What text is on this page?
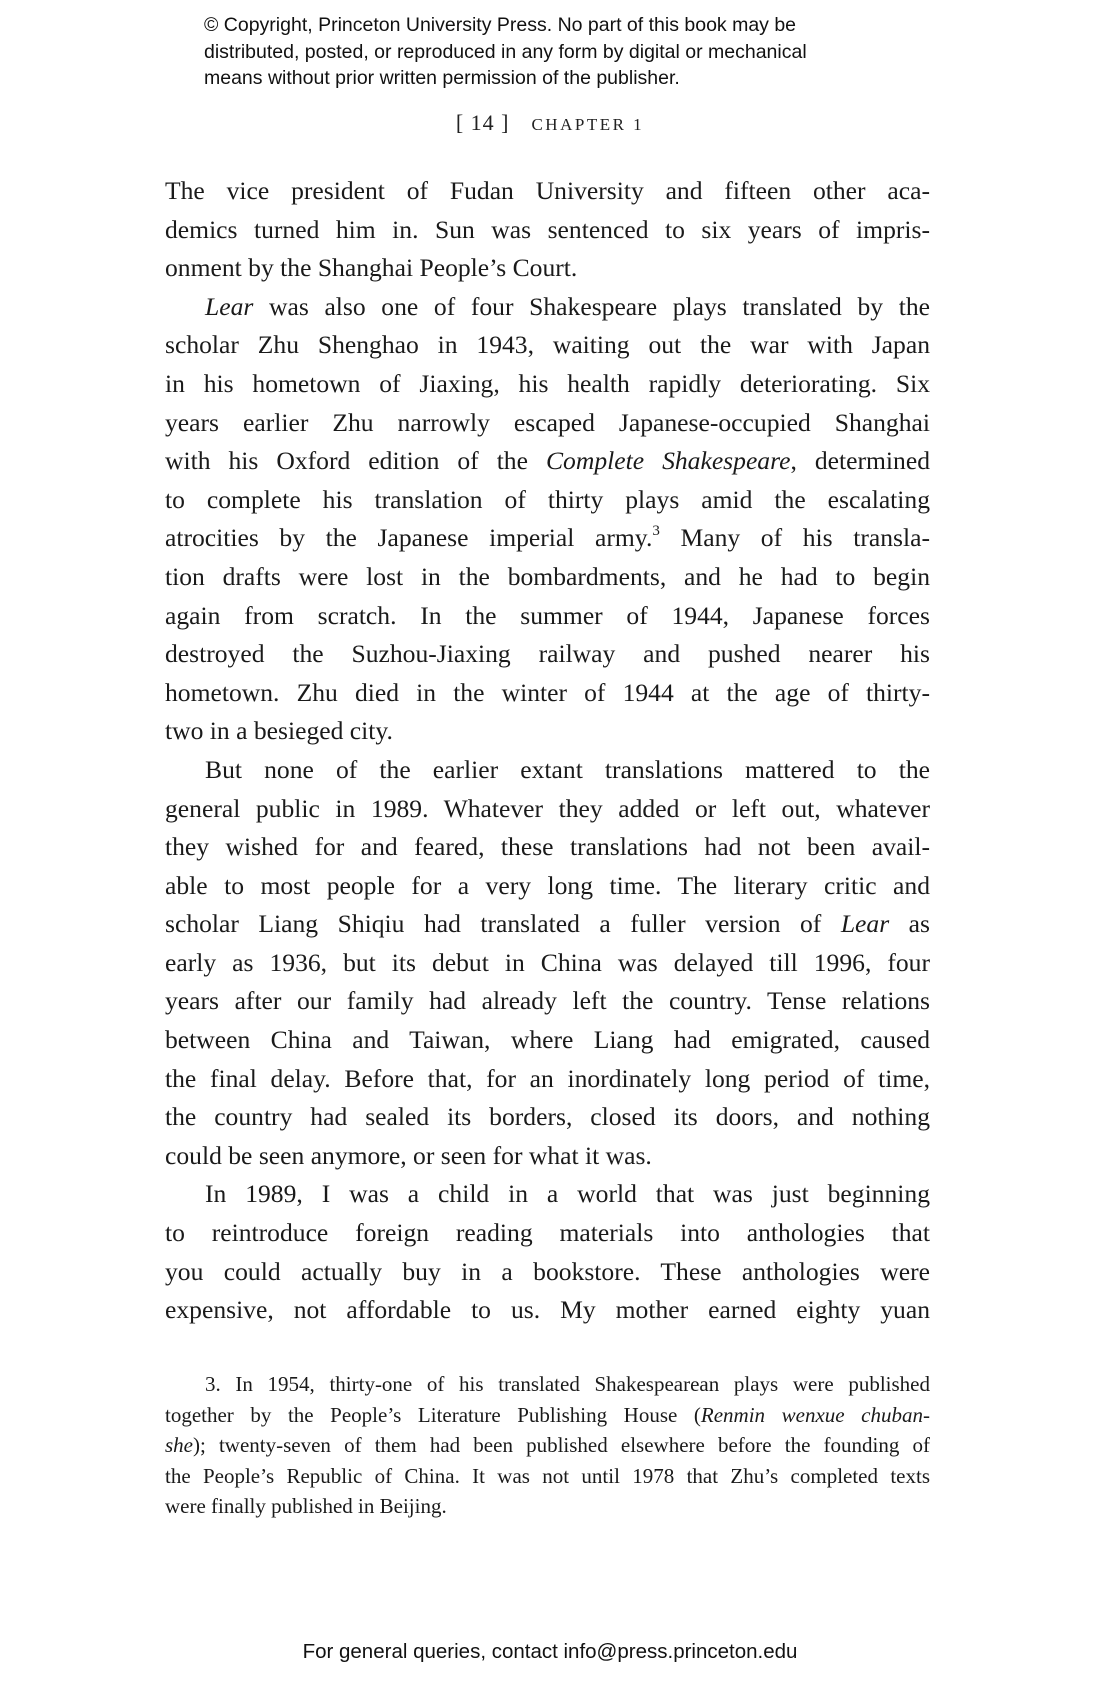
© Copyright, Princeton University Press. No part of this book may be
distributed, posted, or reproduced in any form by digital or mechanical
means without prior written permission of the publisher.
[ 14 ] CHAPTER 1
The vice president of Fudan University and fifteen other aca-
demics turned him in. Sun was sentenced to six years of impris-
onment by the Shanghai People’s Court.
Lear was also one of four Shakespeare plays translated by the
scholar Zhu Shenghao in 1943, waiting out the war with Japan
in his hometown of Jiaxing, his health rapidly deteriorating. Six
years earlier Zhu narrowly escaped Japanese-occupied Shanghai
with his Oxford edition of the Complete Shakespeare, determined
to complete his translation of thirty plays amid the escalating
atrocities by the Japanese imperial army.$^3$ Many of his transla-
tion drafts were lost in the bombardments, and he had to begin
again from scratch. In the summer of 1944, Japanese forces
destroyed the Suzhou-Jiaxing railway and pushed nearer his
hometown. Zhu died in the winter of 1944 at the age of thirty-
two in a besieged city.
But none of the earlier extant translations mattered to the
general public in 1989. Whatever they added or left out, whatever
they wished for and feared, these translations had not been avail-
able to most people for a very long time. The literary critic and
scholar Liang Shiqiu had translated a fuller version of Lear as
early as 1936, but its debut in China was delayed till 1996, four
years after our family had already left the country. Tense relations
between China and Taiwan, where Liang had emigrated, caused
the final delay. Before that, for an inordinately long period of time,
the country had sealed its borders, closed its doors, and nothing
could be seen anymore, or seen for what it was.
In 1989, I was a child in a world that was just beginning
to reintroduce foreign reading materials into anthologies that
you could actually buy in a bookstore. These anthologies were
expensive, not affordable to us. My mother earned eighty yuan
3. In 1954, thirty-one of his translated Shakespearean plays were published
together by the People’s Literature Publishing House (Renmin wenxue chuban-
she); twenty-seven of them had been published elsewhere before the founding of
the People’s Republic of China. It was not until 1978 that Zhu’s completed texts
were finally published in Beijing.
For general queries, contact info@press.princeton.edu
